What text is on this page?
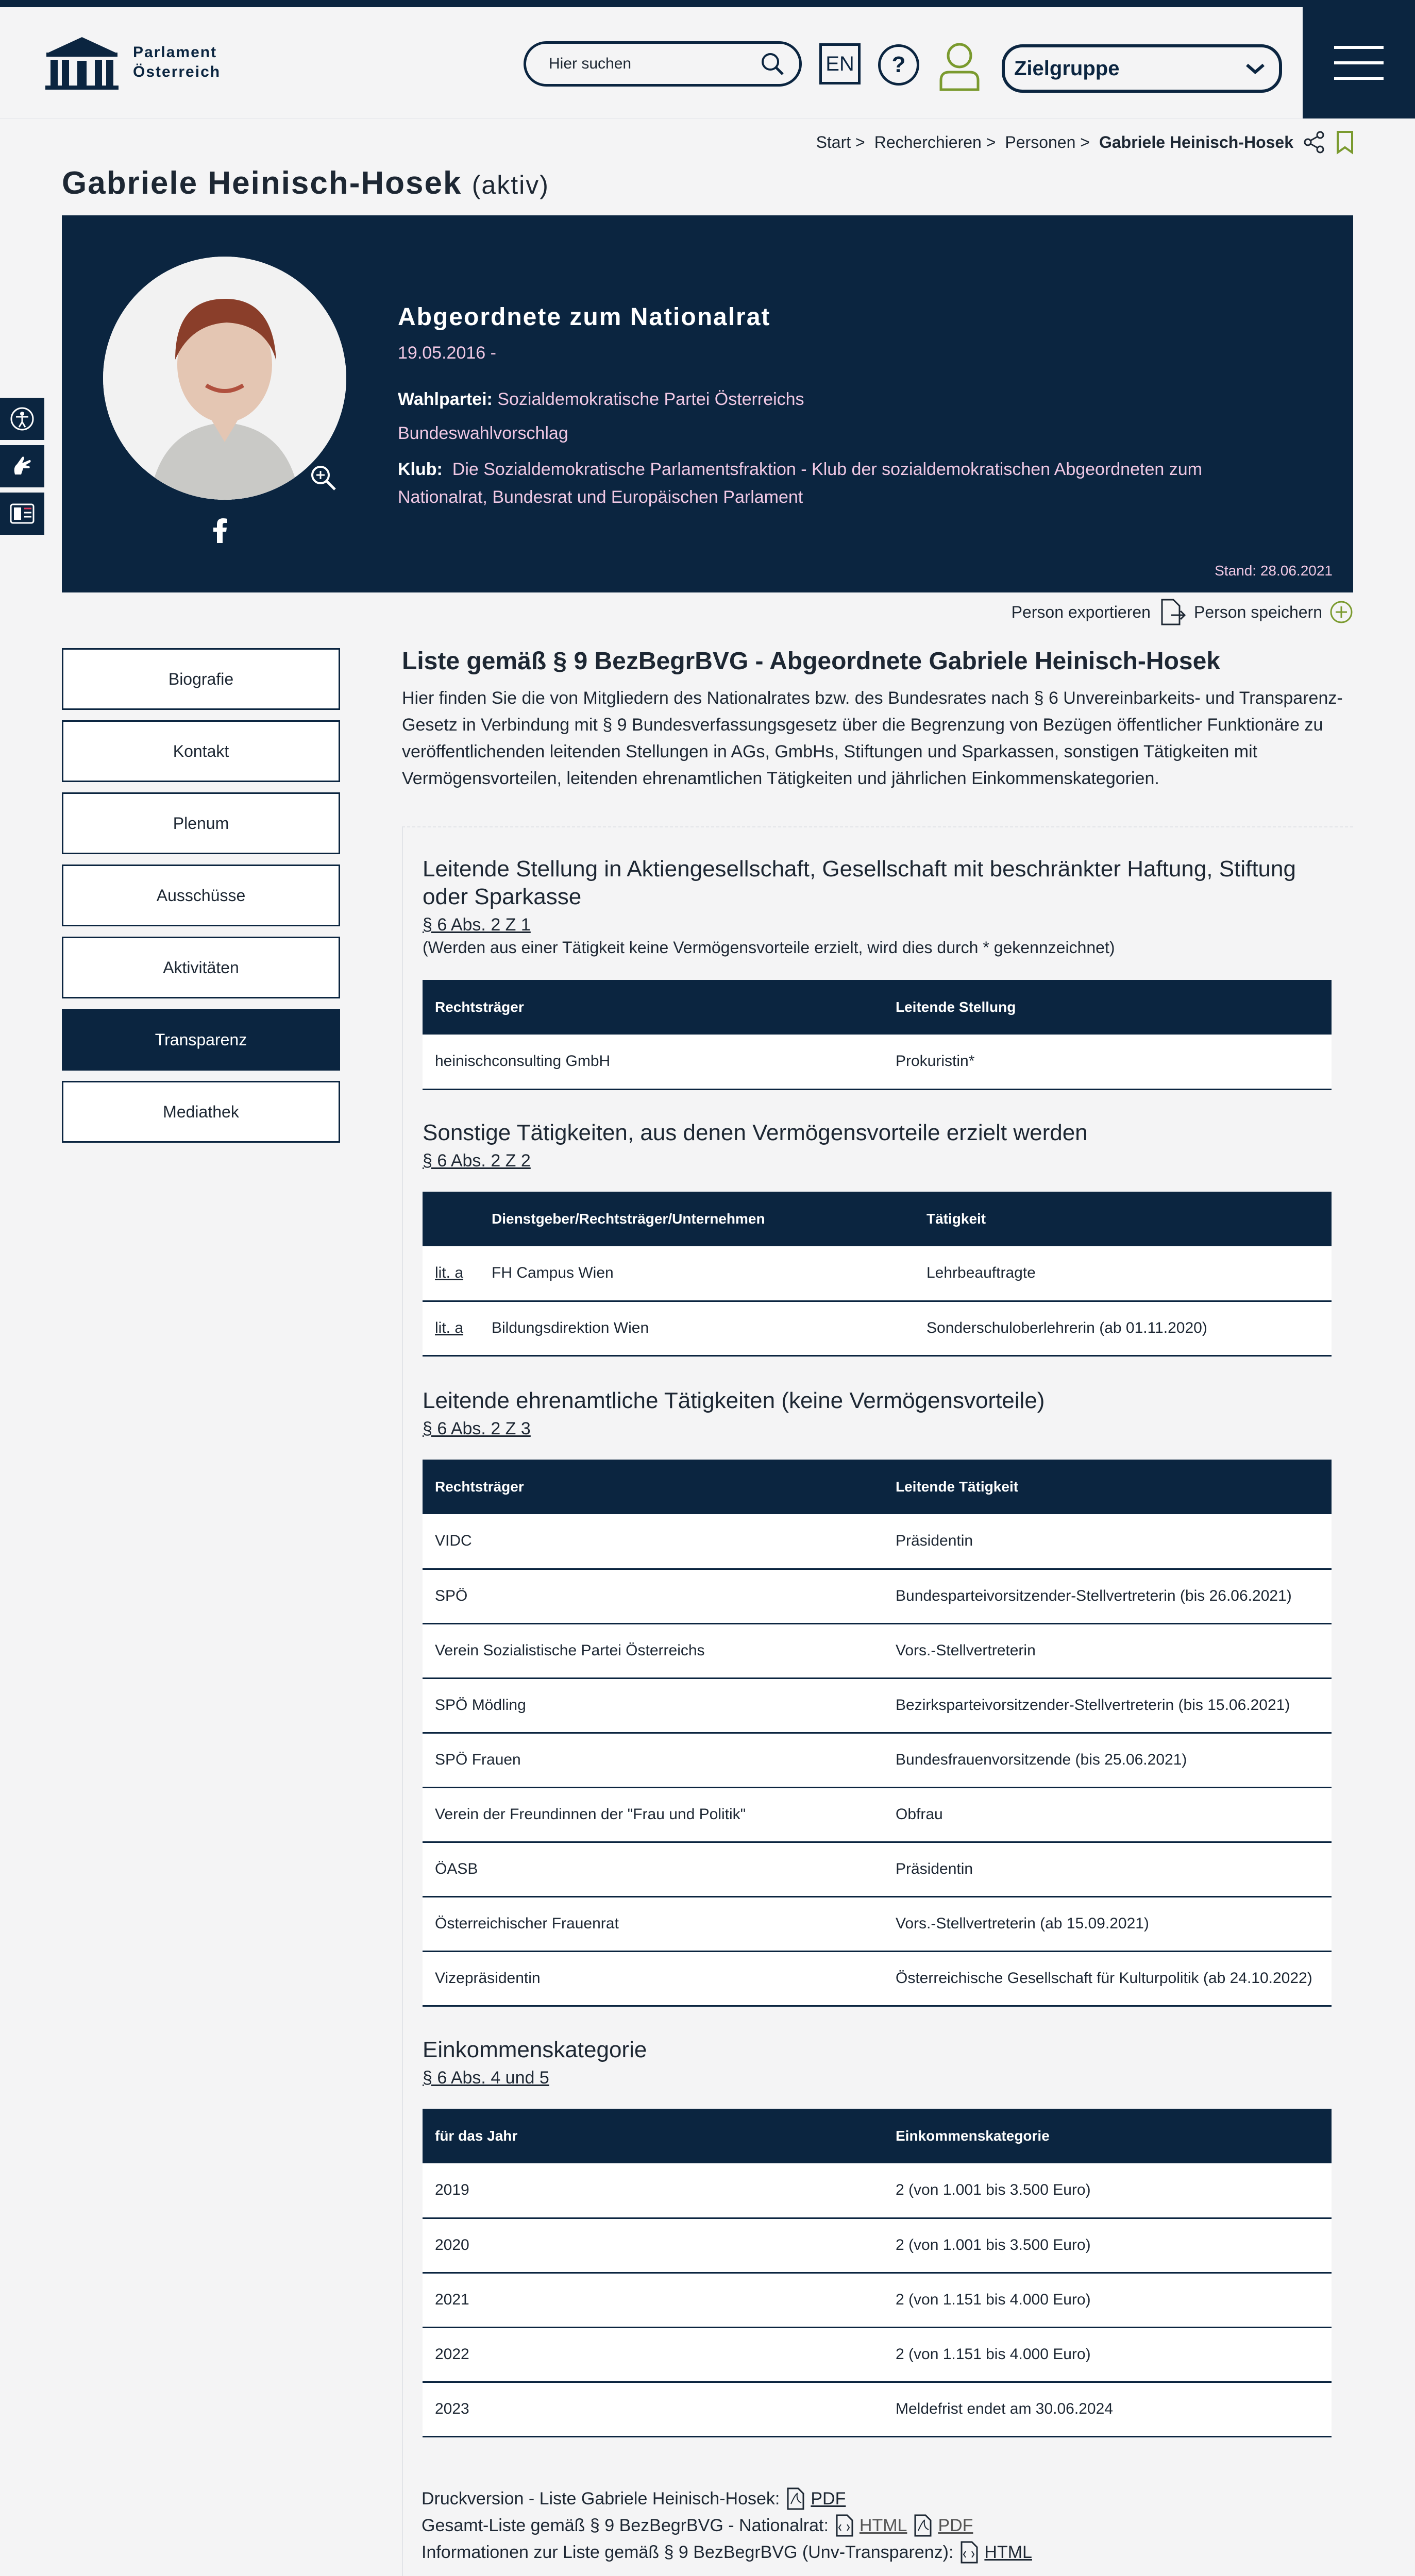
Parlament
Österreich	Hier suchen	EN	?	Zielgruppe
Start > Recherchieren > Personen > Gabriele Heinisch-Hosek
Gabriele Heinisch-Hosek (aktiv)
Abgeordnete zum Nationalrat
19.05.2016 -
Wahlpartei: Sozialdemokratische Partei Österreichs
Bundeswahlvorschlag
Klub: Die Sozialdemokratische Parlamentsfraktion - Klub der sozialdemokratischen Abgeordneten zum Nationalrat, Bundesrat und Europäischen Parlament
Stand: 28.06.2021
Person exportieren	Person speichern
Biografie
Kontakt
Plenum
Ausschüsse
Aktivitäten
Transparenz
Mediathek
Liste gemäß § 9 BezBegrBVG - Abgeordnete Gabriele Heinisch-Hosek

Hier finden Sie die von Mitgliedern des Nationalrates bzw. des Bundesrates nach § 6 Unvereinbarkeits- und Transparenz-Gesetz in Verbindung mit § 9 Bundesverfassungsgesetz über die Begrenzung von Bezügen öffentlicher Funktionäre zu veröffentlichenden leitenden Stellungen in AGs, GmbHs, Stiftungen und Sparkassen, sonstigen Tätigkeiten mit Vermögensvorteilen, leitenden ehrenamtlichen Tätigkeiten und jährlichen Einkommenskategorien.

Leitende Stellung in Aktiengesellschaft, Gesellschaft mit beschränkter Haftung, Stiftung oder Sparkasse
§ 6 Abs. 2 Z 1

(Werden aus einer Tätigkeit keine Vermögensvorteile erzielt, wird dies durch * gekennzeichnet)

Rechtsträger	Leitende Stellung
heinischconsulting GmbH	Prokuristin*
Sonstige Tätigkeiten, aus denen Vermögensvorteile erzielt werden
§ 6 Abs. 2 Z 2
	Dienstgeber/Rechtsträger/Unternehmen	Tätigkeit
lit. a	FH Campus Wien	Lehrbeauftragte
lit. a	Bildungsdirektion Wien	Sonderschuloberlehrerin (ab 01.11.2020)
Leitende ehrenamtliche Tätigkeiten (keine Vermögensvorteile)
§ 6 Abs. 2 Z 3
Rechtsträger	Leitende Tätigkeit
VIDC	Präsidentin
SPÖ	Bundesparteivorsitzender-Stellvertreterin (bis 26.06.2021)
Verein Sozialistische Partei Österreichs	Vors.-Stellvertreterin
SPÖ Mödling	Bezirksparteivorsitzender-Stellvertreterin (bis 15.06.2021)
SPÖ Frauen	Bundesfrauenvorsitzende (bis 25.06.2021)
Verein der Freundinnen der "Frau und Politik"	Obfrau
ÖASB	Präsidentin
Österreichischer Frauenrat	Vors.-Stellvertreterin (ab 15.09.2021)
Vizepräsidentin	Österreichische Gesellschaft für Kulturpolitik (ab 24.10.2022)
Einkommenskategorie
§ 6 Abs. 4 und 5
für das Jahr	Einkommenskategorie
2019	2 (von 1.001 bis 3.500 Euro)
2020	2 (von 1.001 bis 3.500 Euro)
2021	2 (von 1.151 bis 4.000 Euro)
2022	2 (von 1.151 bis 4.000 Euro)
2023	Meldefrist endet am 30.06.2024
Druckversion - Liste Gabriele Heinisch-Hosek: PDF
Gesamt-Liste gemäß § 9 BezBegrBVG - Nationalrat: HTML PDF
Informationen zur Liste gemäß § 9 BezBegrBVG (Unv-Transparenz): HTML
